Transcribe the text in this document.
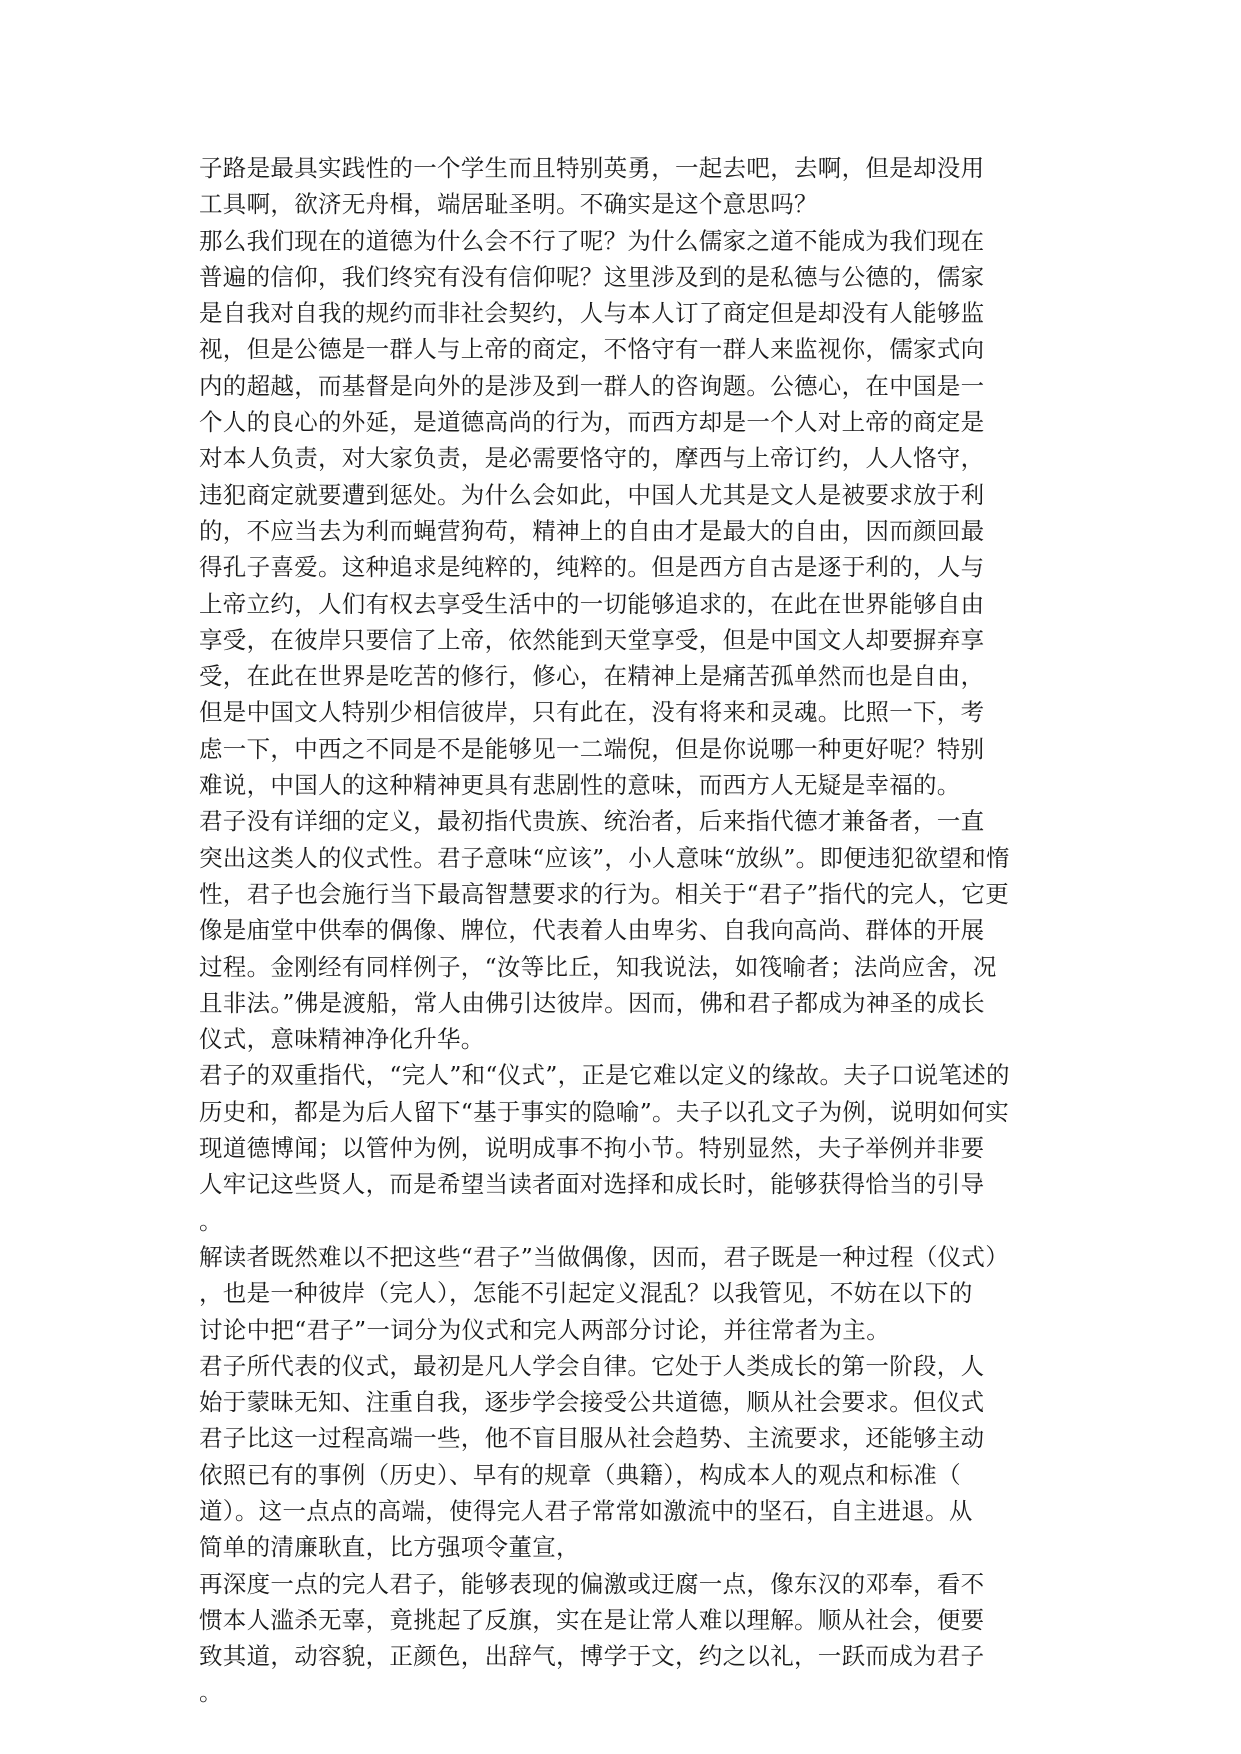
子路是最具实践性的一个学生而且特别英勇，一起去吧，去啊，但是却没用
工具啊，欲济无舟楫，端居耻圣明。不确实是这个意思吗？
那么我们现在的道德为什么会不行了呢？为什么儒家之道不能成为我们现在
普遍的信仰，我们终究有没有信仰呢？这里涉及到的是私德与公德的，儒家
是自我对自我的规约而非社会契约，人与本人订了商定但是却没有人能够监
视，但是公德是一群人与上帝的商定，不恪守有一群人来监视你，儒家式向
内的超越，而基督是向外的是涉及到一群人的咨询题。公德心，在中国是一
个人的良心的外延，是道德高尚的行为，而西方却是一个人对上帝的商定是
对本人负责，对大家负责，是必需要恪守的，摩西与上帝订约，人人恪守，
违犯商定就要遭到惩处。为什么会如此，中国人尤其是文人是被要求放于利
的，不应当去为利而蝇营狗苟，精神上的自由才是最大的自由，因而颜回最
得孔子喜爱。这种追求是纯粹的，纯粹的。但是西方自古是逐于利的，人与
上帝立约，人们有权去享受生活中的一切能够追求的，在此在世界能够自由
享受，在彼岸只要信了上帝，依然能到天堂享受，但是中国文人却要摒弃享
受，在此在世界是吃苦的修行，修心，在精神上是痛苦孤单然而也是自由，
但是中国文人特别少相信彼岸，只有此在，没有将来和灵魂。比照一下，考
虑一下，中西之不同是不是能够见一二端倪，但是你说哪一种更好呢？特别
难说，中国人的这种精神更具有悲剧性的意味，而西方人无疑是幸福的。
君子没有详细的定义，最初指代贵族、统治者，后来指代德才兼备者，一直
突出这类人的仪式性。君子意味“应该”，小人意味“放纵”。即便违犯欲望和惰
性，君子也会施行当下最高智慧要求的行为。相关于“君子”指代的完人，它更
像是庙堂中供奉的偶像、牌位，代表着人由卑劣、自我向高尚、群体的开展
过程。金刚经有同样例子，“汝等比丘，知我说法，如筏喻者；法尚应舍，况
且非法。”佛是渡船，常人由佛引达彼岸。因而，佛和君子都成为神圣的成长
仪式，意味精神净化升华。
君子的双重指代，“完人”和“仪式”，正是它难以定义的缘故。夫子口说笔述的
历史和，都是为后人留下“基于事实的隐喻”。夫子以孔文子为例，说明如何实
现道德博闻；以管仲为例，说明成事不拘小节。特别显然，夫子举例并非要
人牢记这些贤人，而是希望当读者面对选择和成长时，能够获得恰当的引导
。
解读者既然难以不把这些“君子”当做偶像，因而，君子既是一种过程（仪式）
，也是一种彼岸（完人），怎能不引起定义混乱？以我管见，不妨在以下的
讨论中把“君子”一词分为仪式和完人两部分讨论，并往常者为主。
君子所代表的仪式，最初是凡人学会自律。它处于人类成长的第一阶段，人
始于蒙昧无知、注重自我，逐步学会接受公共道德，顺从社会要求。但仪式
君子比这一过程高端一些，他不盲目服从社会趋势、主流要求，还能够主动
依照已有的事例（历史）、早有的规章（典籍），构成本人的观点和标准（
道）。这一点点的高端，使得完人君子常常如激流中的坚石，自主进退。从
简单的清廉耿直，比方强项令董宣，
再深度一点的完人君子，能够表现的偏激或迂腐一点，像东汉的邓奉，看不
惯本人滥杀无辜，竟挑起了反旗，实在是让常人难以理解。顺从社会，便要
致其道，动容貌，正颜色，出辞气，博学于文，约之以礼，一跃而成为君子
。
